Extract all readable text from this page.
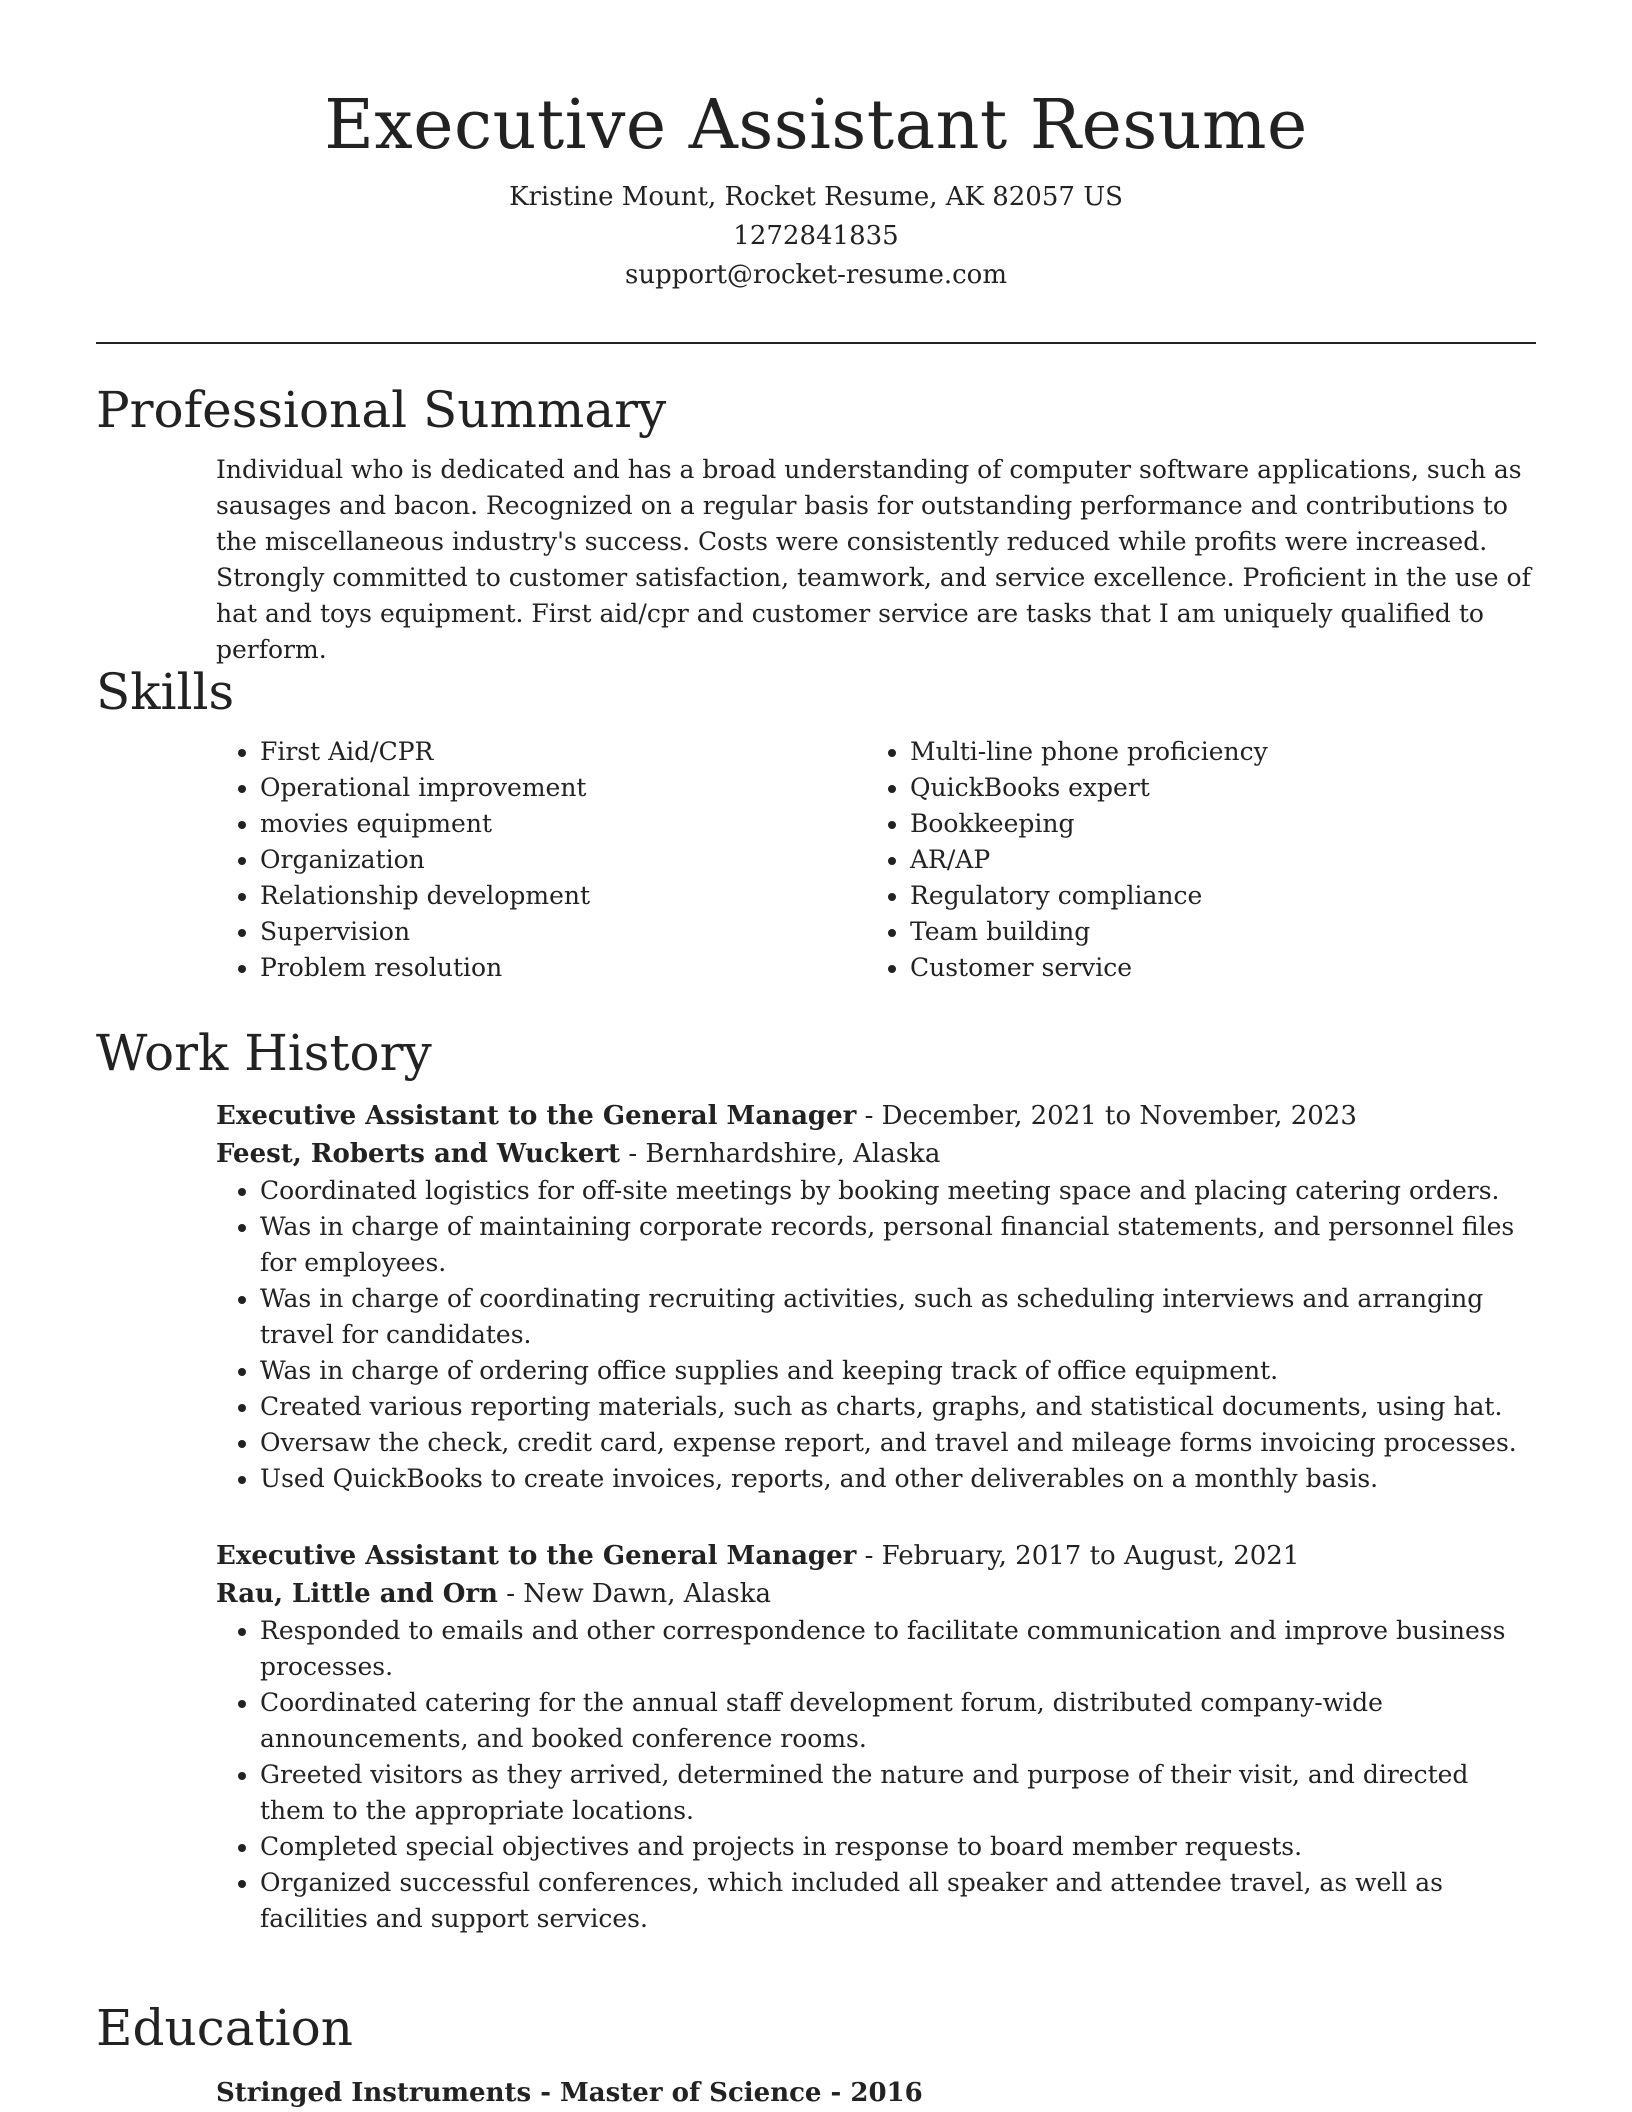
Executive Assistant Resume

Kristine Mount, Rocket Resume, AK 82057 US

1272841835

support@rocket-resume.com

Professional Summary

Individual who is dedicated and has a broad understanding of computer software applications, such as sausages and bacon. Recognized on a regular basis for outstanding performance and contributions to the miscellaneous industry's success. Costs were consistently reduced while profits were increased. Strongly committed to customer satisfaction, teamwork, and service excellence. Proficient in the use of hat and toys equipment. First aid/cpr and customer service are tasks that I am uniquely qualified to perform.

Skills
• First Aid/CPR
• Operational improvement
• movies equipment
• Organization
• Relationship development
• Supervision
• Problem resolution
• Multi-line phone proficiency
• QuickBooks expert
• Bookkeeping
• AR/AP
• Regulatory compliance
• Team building
• Customer service
Work History

Executive Assistant to the General Manager - December, 2021 to November, 2023

Feest, Roberts and Wuckert - Bernhardshire, Alaska

• Coordinated logistics for off-site meetings by booking meeting space and placing catering orders.
• Was in charge of maintaining corporate records, personal financial statements, and personnel files for employees.
• Was in charge of coordinating recruiting activities, such as scheduling interviews and arranging travel for candidates.
• Was in charge of ordering office supplies and keeping track of office equipment.
• Created various reporting materials, such as charts, graphs, and statistical documents, using hat.
• Oversaw the check, credit card, expense report, and travel and mileage forms invoicing processes.
• Used QuickBooks to create invoices, reports, and other deliverables on a monthly basis.

Executive Assistant to the General Manager - February, 2017 to August, 2021

Rau, Little and Orn - New Dawn, Alaska

• Responded to emails and other correspondence to facilitate communication and improve business processes.
• Coordinated catering for the annual staff development forum, distributed company-wide announcements, and booked conference rooms.
• Greeted visitors as they arrived, determined the nature and purpose of their visit, and directed them to the appropriate locations.
• Completed special objectives and projects in response to board member requests.
• Organized successful conferences, which included all speaker and attendee travel, as well as facilities and support services.
Education

Stringed Instruments - Master of Science - 2016
